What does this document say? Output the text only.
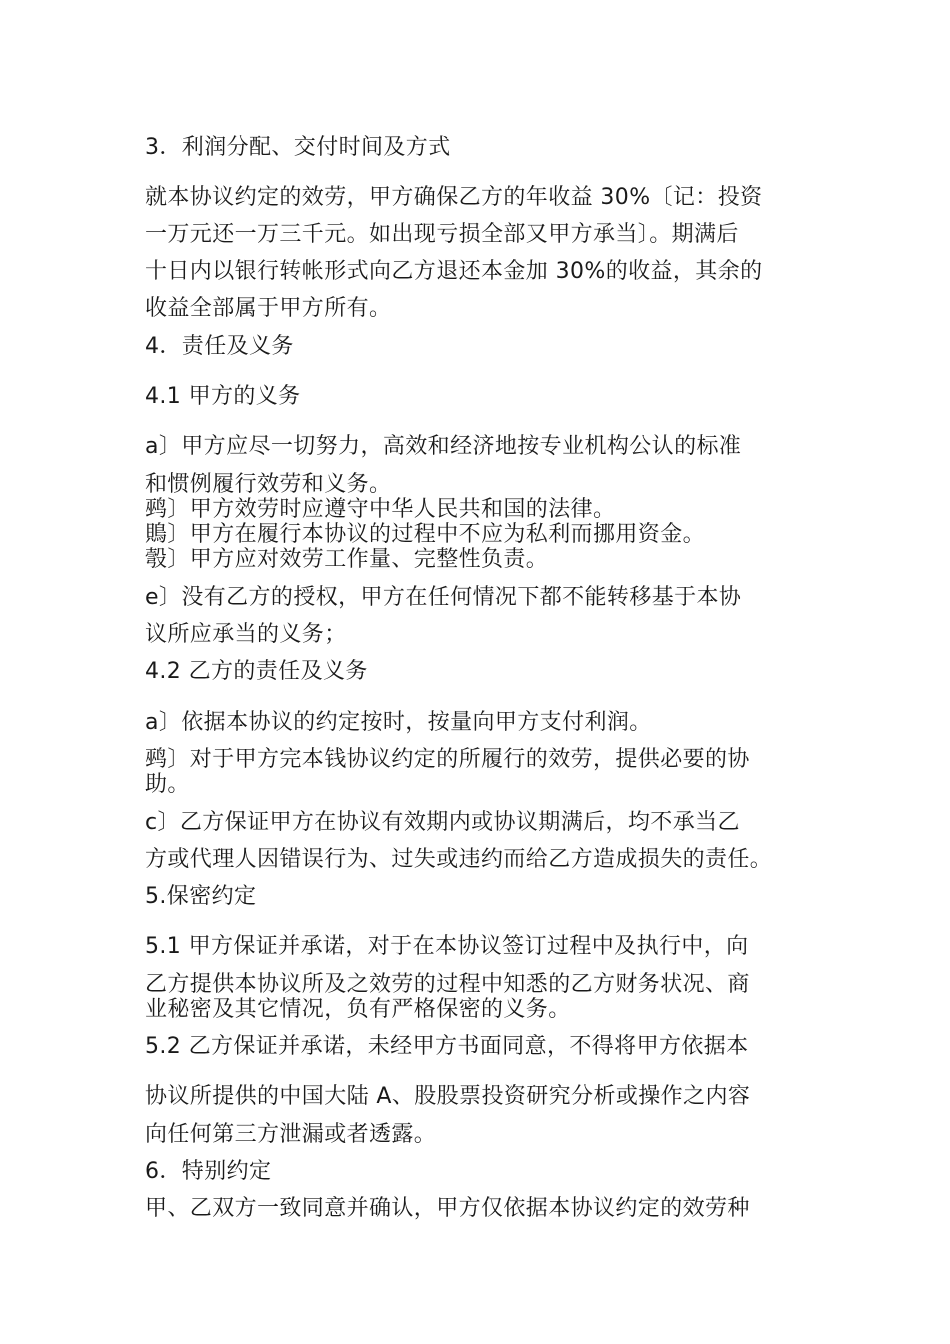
3．利润分配、交付时间及方式
就本协议约定的效劳，甲方确保乙方的年收益 30%〔记：投资
一万元还一万三千元。如出现亏损全部又甲方承当〕。期满后
十日内以银行转帐形式向乙方退还本金加 30%的收益，其余的
收益全部属于甲方所有。
4．责任及义务
4.1 甲方的义务
a〕甲方应尽一切努力，高效和经济地按专业机构公认的标准
和惯例履行效劳和义务。
鹀〕甲方效劳时应遵守中华人民共和国的法律。
鵙〕甲方在履行本协议的过程中不应为私利而挪用资金。
彀〕甲方应对效劳工作量、完整性负责。
e〕没有乙方的授权，甲方在任何情况下都不能转移基于本协
议所应承当的义务；
4.2 乙方的责任及义务
a〕依据本协议的约定按时，按量向甲方支付利润。
鹀〕对于甲方完本钱协议约定的所履行的效劳，提供必要的协
助。
c〕乙方保证甲方在协议有效期内或协议期满后，均不承当乙
方或代理人因错误行为、过失或违约而给乙方造成损失的责任。
5.保密约定
5.1 甲方保证并承诺，对于在本协议签订过程中及执行中，向
乙方提供本协议所及之效劳的过程中知悉的乙方财务状况、商
业秘密及其它情况，负有严格保密的义务。
5.2 乙方保证并承诺，未经甲方书面同意，不得将甲方依据本
协议所提供的中国大陆 A、股股票投资研究分析或操作之内容
向任何第三方泄漏或者透露。
6．特别约定
甲、乙双方一致同意并确认，甲方仅依据本协议约定的效劳种
